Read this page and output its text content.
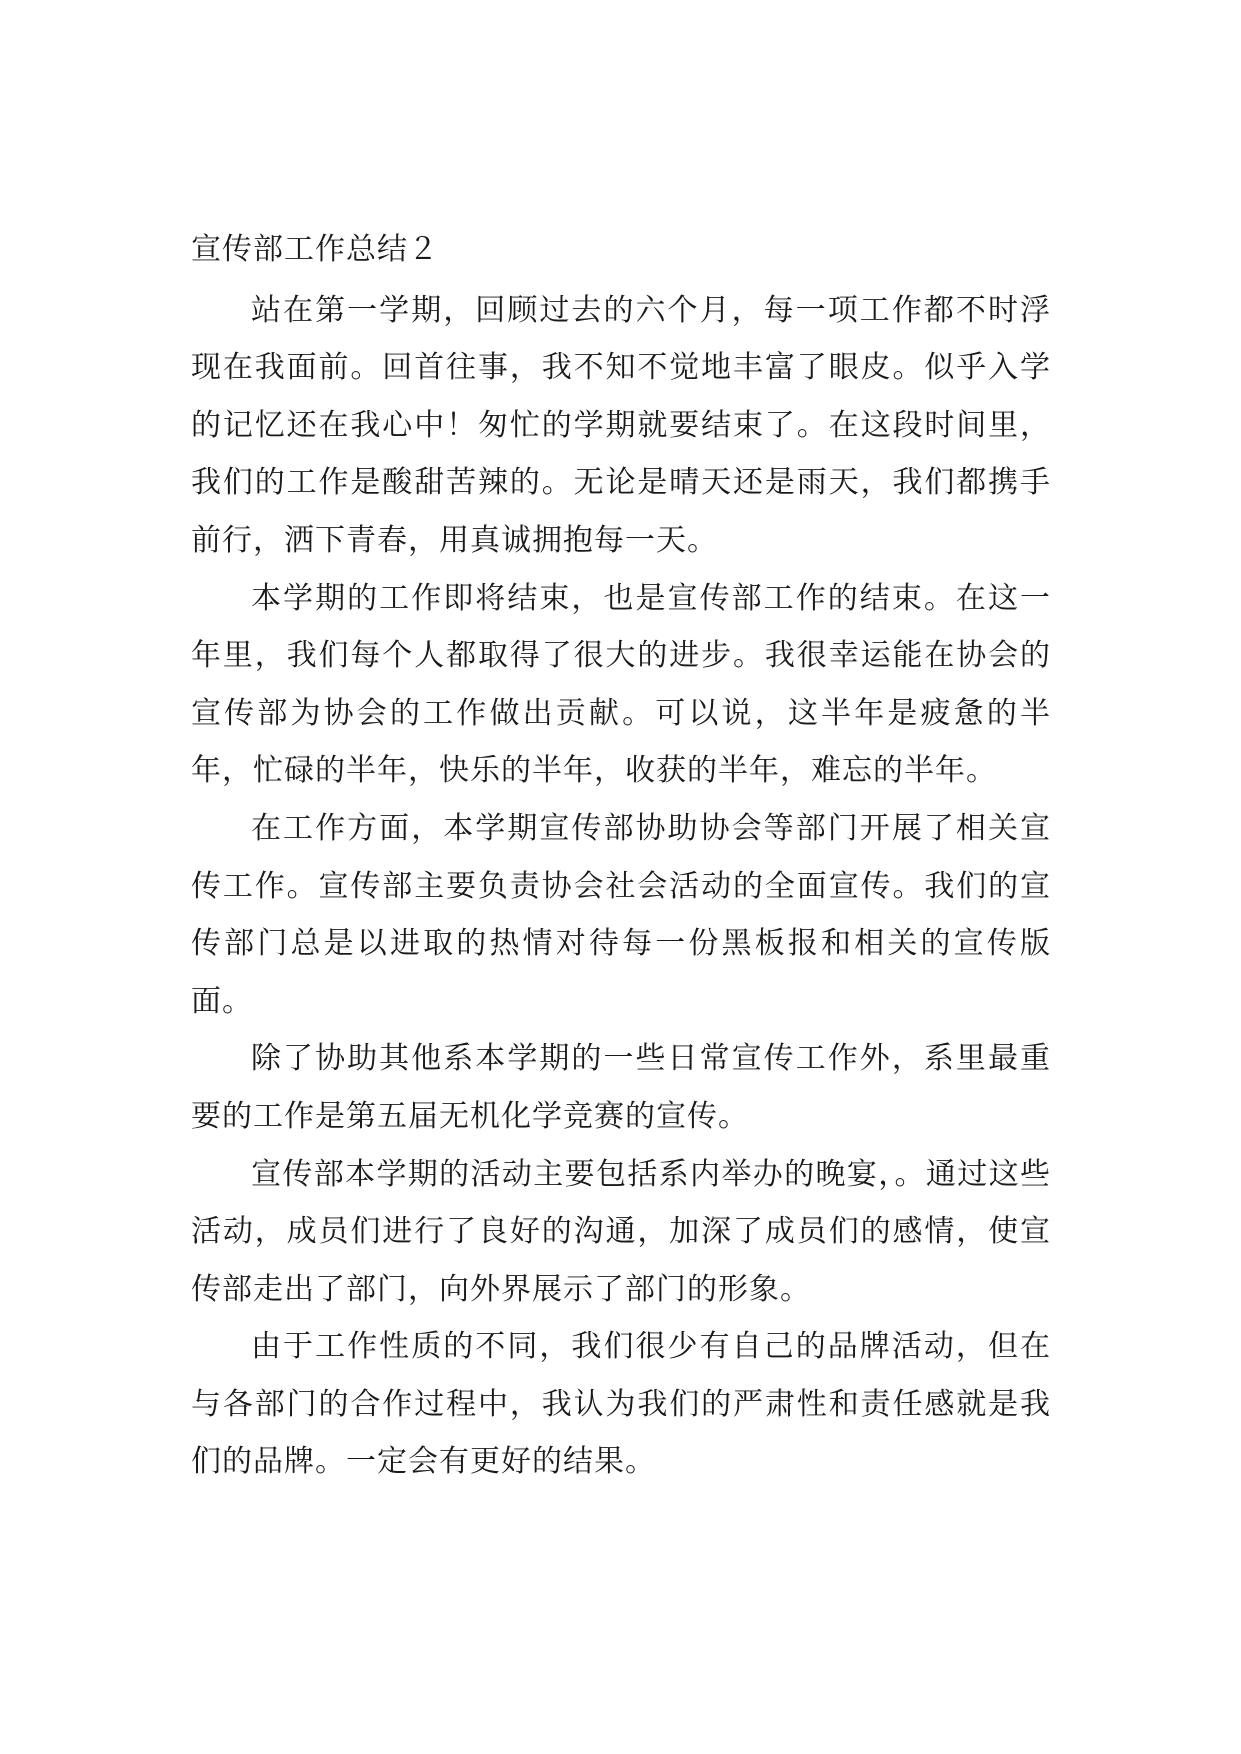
宣传部工作总结２

站在第一学期，回顾过去的六个月，每一项工作都不时浮现在我面前。回首往事，我不知不觉地丰富了眼皮。似乎入学的记忆还在我心中！匆忙的学期就要结束了。在这段时间里，我们的工作是酸甜苦辣的。无论是晴天还是雨天，我们都携手前行，洒下青春，用真诚拥抱每一天。

本学期的工作即将结束，也是宣传部工作的结束。在这一年里，我们每个人都取得了很大的进步。我很幸运能在协会的宣传部为协会的工作做出贡献。可以说，这半年是疲惫的半年，忙碌的半年，快乐的半年，收获的半年，难忘的半年。

在工作方面，本学期宣传部协助协会等部门开展了相关宣传工作。宣传部主要负责协会社会活动的全面宣传。我们的宣传部门总是以进取的热情对待每一份黑板报和相关的宣传版面。

除了协助其他系本学期的一些日常宣传工作外，系里最重要的工作是第五届无机化学竞赛的宣传。

宣传部本学期的活动主要包括系内举办的晚宴，。通过这些活动，成员们进行了良好的沟通，加深了成员们的感情，使宣传部走出了部门，向外界展示了部门的形象。

由于工作性质的不同，我们很少有自己的品牌活动，但在与各部门的合作过程中，我认为我们的严肃性和责任感就是我们的品牌。一定会有更好的结果。
